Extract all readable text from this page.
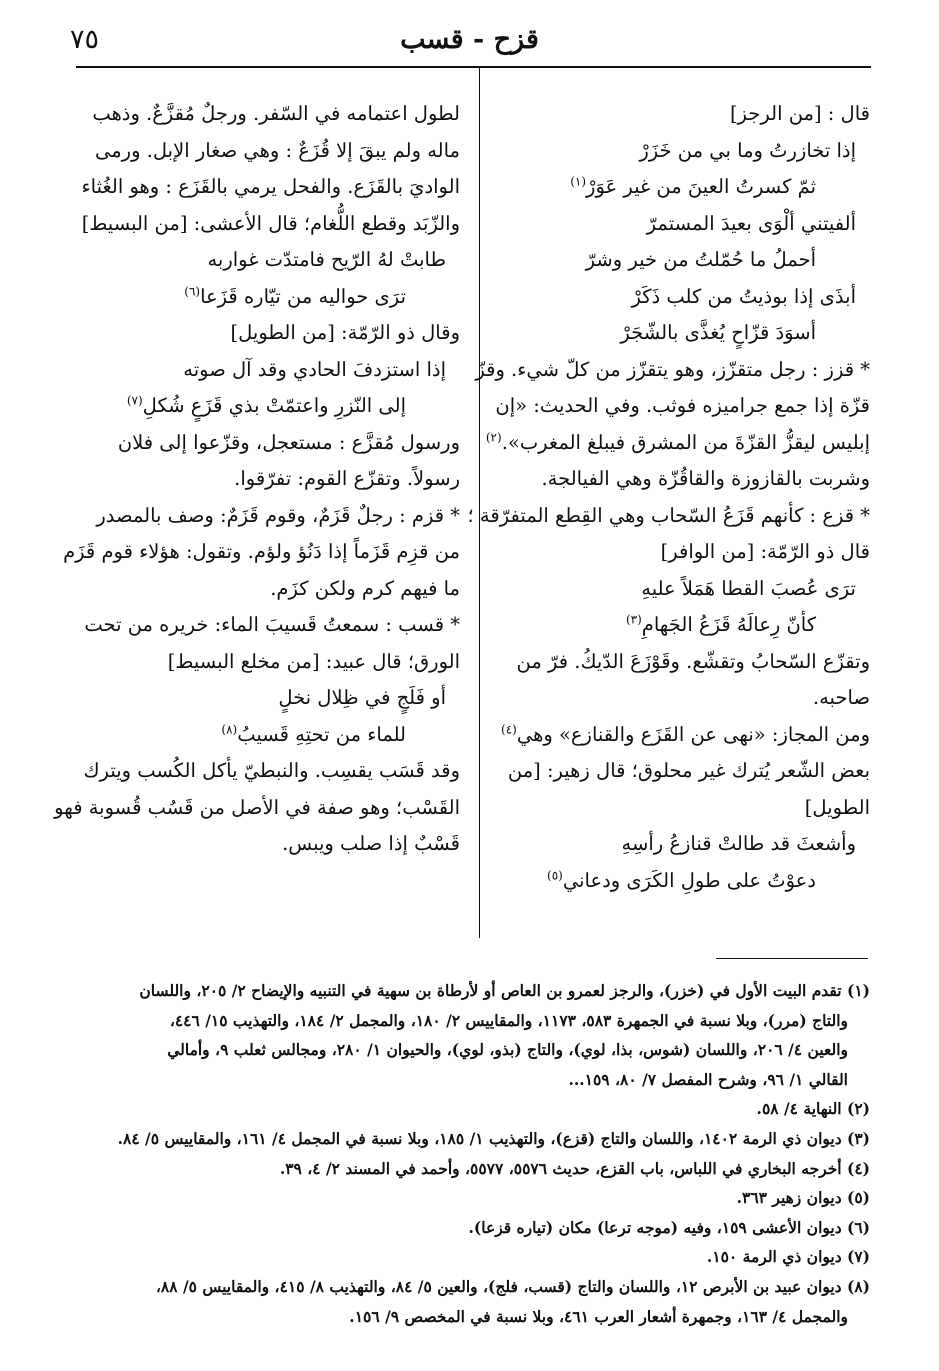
قزح - قسب
٧٥
قال : [من الرجز]
إذا تخازرتُ وما بي من خَزَرْ
ثمّ كسرتُ العينَ من غير عَوَرْ$^{(١)}$
ألفيتني ألْوَى بعيدَ المستمرّ
أحملُ ما حُمّلتُ من خير وشرّ
أبذَى إذا بوذيتُ من كلب ذَكَرْ
أسوَدَ قزّاحٍ يُغذَّى بالشّجَرْ
* قزز : رجل متقزّز، وهو يتقزّز من كلّ شيء. وقزّ
قزّة إذا جمع جراميزه فوثب. وفي الحديث: «إن
إبليس ليقزُّ القزّةَ من المشرق فيبلغ المغرب».$^{(٢)}$
وشربت بالقازوزة والقاقُزّة وهي الفيالجة.
* قزع : كأنهم قَزَعُ السّحاب وهي القِطع المتفرّقة ؛
قال ذو الرّمّة: [من الوافر]
ترَى عُصبَ القطا هَمَلاً عليهِ
كأنّ رِعالَهُ قَزَعُ الجَهامِ$^{(٣)}$
وتقزّع السّحابُ وتقشّع. وقَوْزَعَ الدّيكُ. فرّ من
صاحبه.
ومن المجاز: «نهى عن القَزَع والقنازع» وهي$^{(٤)}$
بعض الشّعر يُترك غير محلوق؛ قال زهير: [من
الطويل]
وأشعثَ قد طالتْ قنازعُ رأسِهِ
دعوْتُ على طولِ الكَرَى ودعاني$^{(٥)}$
لطول اعتمامه في السّفر. ورجلٌ مُقزَّعٌ. وذهب
ماله ولم يبقَ إلا قُزَعٌ : وهي صغار الإبل. ورمى
الواديَ بالقَزَع. والفحل يرمي بالقَزَع : وهو الغُثاء
والزّبَد وقطع اللُّغام؛ قال الأعشى: [من البسيط]
طابتْ لهُ الرّيح فامتدّت غواربه
ترَى حواليه من تيّاره قَزَعا$^{(٦)}$
وقال ذو الرّمّة: [من الطويل]
إذا استزدفَ الحادي وقد آل صوته
إلى النّزرِ واعتمّتْ بذي قَزَعٍ شُكلِ$^{(٧)}$
ورسول مُقزَّع : مستعجل، وقزّعوا إلى فلان
رسولاً. وتقزّع القوم: تفرّقوا.
* قزم : رجلٌ قَزَمٌ، وقوم قَزَمٌ: وصف بالمصدر
من قزِم قَزَماً إذا دَنُؤ ولؤم. وتقول: هؤلاء قوم قَزَم
ما فيهم كرم ولكن كزَم.
* قسب : سمعتُ قَسيبَ الماء: خريره من تحت
الورق؛ قال عبيد: [من مخلع البسيط]
أو فَلَجٍ في ظِلال نخلٍ
للماء من تحتِهِ قَسيبُ$^{(٨)}$
وقد قَسَب يقسِب. والنبطيّ يأكل الكُسب ويترك
القَسْب؛ وهو صفة في الأصل من قَسُب قُسوبة فهو
قَسْبٌ إذا صلب ويبس.

(١) تقدم البيت الأول في (خزر)، والرجز لعمرو بن العاص أو لأرطاة بن سهية في التنبيه والإيضاح ٢/ ٢٠٥، واللسان

والتاج (مرر)، وبلا نسبة في الجمهرة ٥٨٣، ١١٧٣، والمقاييس ٢/ ١٨٠، والمجمل ٢/ ١٨٤، والتهذيب ١٥/ ٤٤٦،

والعين ٤/ ٢٠٦، واللسان (شوس، بذا، لوي)، والتاج (بذو، لوي)، والحيوان ١/ ٢٨٠، ومجالس ثعلب ٩، وأمالي

القالي ١/ ٩٦، وشرح المفصل ٧/ ٨٠، ١٥٩...

(٢) النهاية ٤/ ٥٨.

(٣) ديوان ذي الرمة ١٤٠٢، واللسان والتاج (قزع)، والتهذيب ١/ ١٨٥، وبلا نسبة في المجمل ٤/ ١٦١، والمقاييس ٥/ ٨٤.

(٤) أخرجه البخاري في اللباس، باب القزع، حديث ٥٥٧٦، ٥٥٧٧، وأحمد في المسند ٢/ ٤، ٣٩.

(٥) ديوان زهير ٣٦٣.

(٦) ديوان الأعشى ١٥٩، وفيه (موجه ترعا) مكان (تياره قزعا).

(٧) ديوان ذي الرمة ١٥٠.

(٨) ديوان عبيد بن الأبرص ١٢، واللسان والتاج (قسب، فلج)، والعين ٥/ ٨٤، والتهذيب ٨/ ٤١٥، والمقاييس ٥/ ٨٨،

والمجمل ٤/ ١٦٣، وجمهرة أشعار العرب ٤٦١، وبلا نسبة في المخصص ٩/ ١٥٦.
